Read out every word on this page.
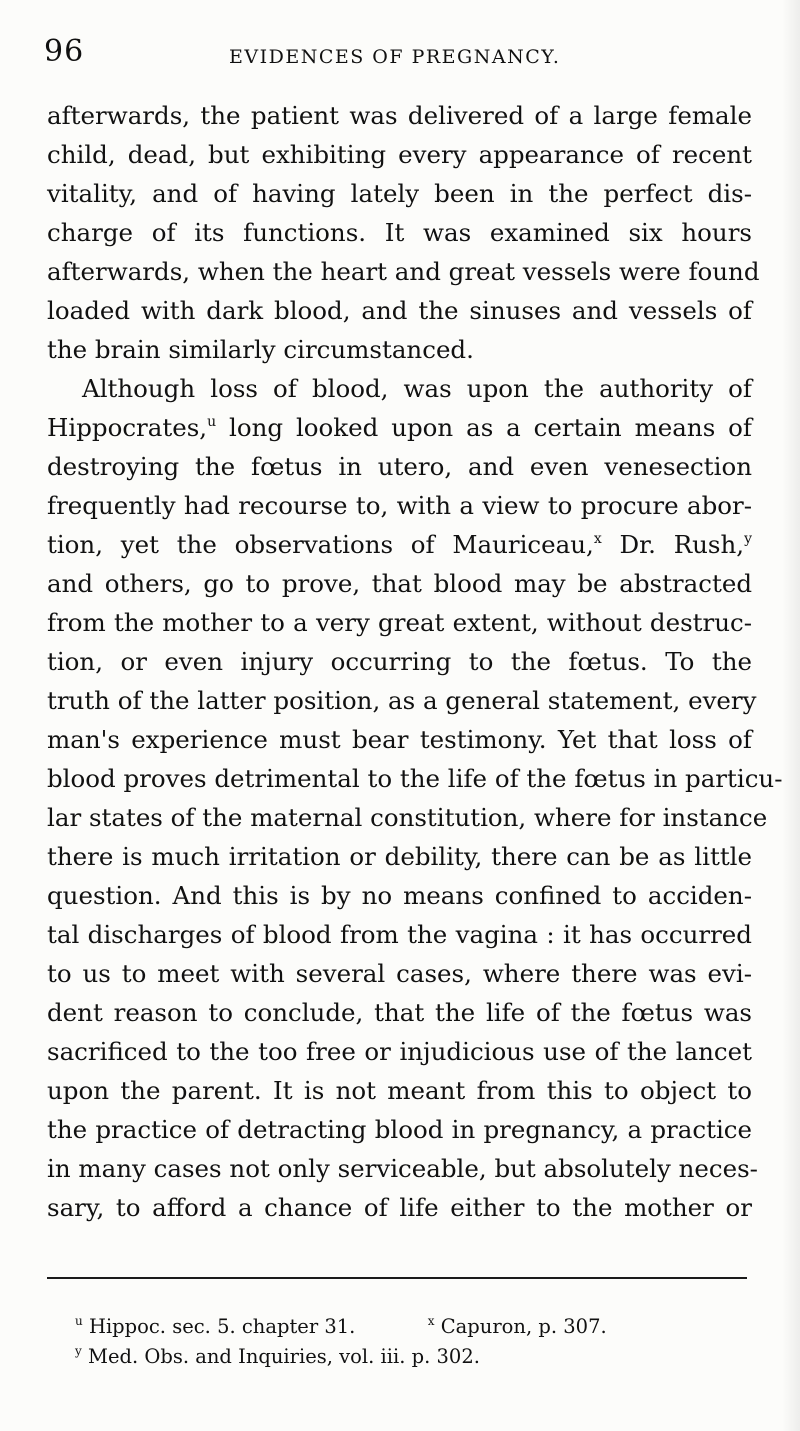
96	EVIDENCES OF PREGNANCY.
afterwards, the patient was delivered of a large female
child, dead, but exhibiting every appearance of recent
vitality, and of having lately been in the perfect dis-
charge of its functions. It was examined six hours
afterwards, when the heart and great vessels were found
loaded with dark blood, and the sinuses and vessels of
the brain similarly circumstanced.
Although loss of blood, was upon the authority of
Hippocrates,$^u$ long looked upon as a certain means of
destroying the fœtus in utero, and even venesection
frequently had recourse to, with a view to procure abor-
tion, yet the observations of Mauriceau,$^x$ Dr. Rush,$^y$
and others, go to prove, that blood may be abstracted
from the mother to a very great extent, without destruc-
tion, or even injury occurring to the fœtus. To the
truth of the latter position, as a general statement, every
man's experience must bear testimony. Yet that loss of
blood proves detrimental to the life of the fœtus in particu-
lar states of the maternal constitution, where for instance
there is much irritation or debility, there can be as little
question. And this is by no means confined to acciden-
tal discharges of blood from the vagina : it has occurred
to us to meet with several cases, where there was evi-
dent reason to conclude, that the life of the fœtus was
sacrificed to the too free or injudicious use of the lancet
upon the parent. It is not meant from this to object to
the practice of detracting blood in pregnancy, a practice
in many cases not only serviceable, but absolutely neces-
sary, to afford a chance of life either to the mother or
$^u$ Hippoc. sec. 5. chapter 31.	$^x$ Capuron, p. 307.
$^y$ Med. Obs. and Inquiries, vol. iii. p. 302.
